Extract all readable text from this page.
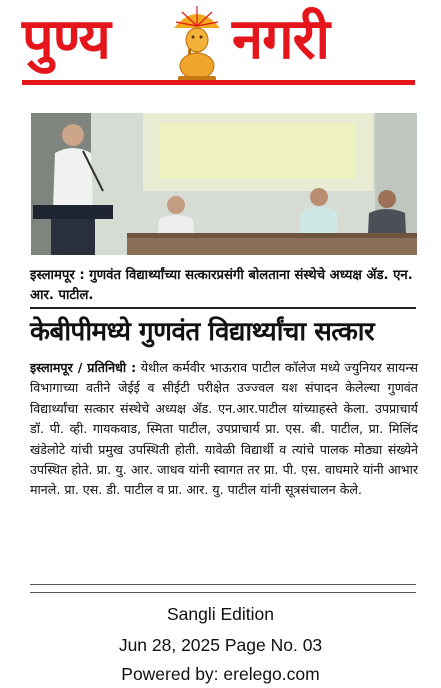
पुण्य नगरी
इस्लामपूर : गुणवंत विद्यार्थ्यांच्या सत्कारप्रसंगी बोलताना संस्थेचे अध्यक्ष ॲड. एन. आर. पाटील.
केबीपीमध्ये गुणवंत विद्यार्थ्यांचा सत्कार
इस्लामपूर / प्रतिनिधी : येथील कर्मवीर भाऊराव पाटील कॉलेज मध्ये ज्युनियर सायन्स विभागाच्या वतीने जेईई व सीईटी परीक्षेत उज्ज्वल यश संपादन केलेल्या गुणवंत विद्यार्थ्यांचा सत्कार संस्थेचे अध्यक्ष ॲड. एन.आर.पाटील यांच्याहस्ते केला. उपप्राचार्य डॉ. पी. व्ही. गायकवाड, स्मिता पाटील, उपप्राचार्य प्रा. एस. बी. पाटील, प्रा. मिलिंद खंडेलोटे यांची प्रमुख उपस्थिती होती. यावेळी विद्यार्थी व त्यांचे पालक मोठ्या संख्येने उपस्थित होते. प्रा. यु. आर. जाधव यांनी स्वागत तर प्रा. पी. एस. वाघमारे यांनी आभार मानले. प्रा. एस. डी. पाटील व प्रा. आर. यु. पाटील यांनी सूत्रसंचालन केले.
Sangli Edition
Jun 28, 2025 Page No. 03
Powered by: erelego.com
